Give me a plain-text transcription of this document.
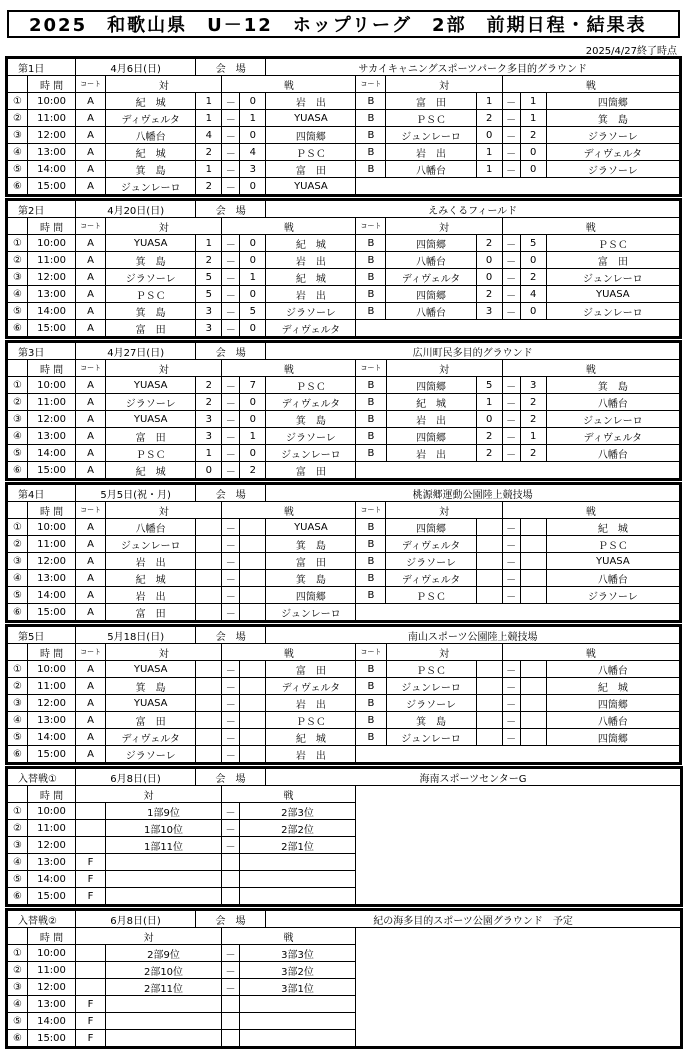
2025　和歌山県　U－12　ホップリーグ　2部　前期日程・結果表
2025/4/27終了時点
第1日		4月6日(日)		会　場			サカイキャニングスポーツパーク多目的グラウンド						
	時 間	コート	対		戦			コート	対		戦		
①	10:00	A	紀　城	1	－	0	岩　出	B	富　田	1	－	1	四箇郷
②	11:00	A	ディヴェルタ	1	－	1	YUASA	B	ＰＳＣ	2	－	1	箕　島
③	12:00	A	八幡台	4	－	0	四箇郷	B	ジュンレーロ	0	－	2	ジラソーレ
④	13:00	A	紀　城	2	－	4	ＰＳＣ	B	岩　出	1	－	0	ディヴェルタ
⑤	14:00	A	箕　島	1	－	3	富　田	B	八幡台	1	－	0	ジラソーレ
⑥	15:00	A	ジュンレーロ	2	－	0	YUASA						
第2日		4月20日(日)		会　場			えみくるフィールド						
	時 間	コート	対		戦			コート	対		戦		
①	10:00	A	YUASA	1	－	0	紀　城	B	四箇郷	2	－	5	ＰＳＣ
②	11:00	A	箕　島	2	－	0	岩　出	B	八幡台	0	－	0	富　田
③	12:00	A	ジラソーレ	5	－	1	紀　城	B	ディヴェルタ	0	－	2	ジュンレーロ
④	13:00	A	ＰＳＣ	5	－	0	岩　出	B	四箇郷	2	－	4	YUASA
⑤	14:00	A	箕　島	3	－	5	ジラソーレ	B	八幡台	3	－	0	ジュンレーロ
⑥	15:00	A	富　田	3	－	0	ディヴェルタ						
第3日		4月27日(日)		会　場			広川町民多目的グラウンド						
	時 間	コート	対		戦			コート	対		戦		
①	10:00	A	YUASA	2	－	7	ＰＳＣ	B	四箇郷	5	－	3	箕　島
②	11:00	A	ジラソーレ	2	－	0	ディヴェルタ	B	紀　城	1	－	2	八幡台
③	12:00	A	YUASA	3	－	0	箕　島	B	岩　出	0	－	2	ジュンレーロ
④	13:00	A	富　田	3	－	1	ジラソーレ	B	四箇郷	2	－	1	ディヴェルタ
⑤	14:00	A	ＰＳＣ	1	－	0	ジュンレーロ	B	岩　出	2	－	2	八幡台
⑥	15:00	A	紀　城	0	－	2	富　田						
第4日		5月5日(祝・月)		会　場			桃源郷運動公園陸上競技場						
	時 間	コート	対		戦			コート	対		戦		
①	10:00	A	八幡台		－		YUASA	B	四箇郷		－		紀　城
②	11:00	A	ジュンレーロ		－		箕　島	B	ディヴェルタ		－		ＰＳＣ
③	12:00	A	岩　出		－		富　田	B	ジラソーレ		－		YUASA
④	13:00	A	紀　城		－		箕　島	B	ディヴェルタ		－		八幡台
⑤	14:00	A	岩　出		－		四箇郷	B	ＰＳＣ		－		ジラソーレ
⑥	15:00	A	富　田		－		ジュンレーロ						
第5日		5月18日(日)		会　場			南山スポーツ公園陸上競技場						
	時 間	コート	対		戦			コート	対		戦		
①	10:00	A	YUASA		－		富　田	B	ＰＳＣ		－		八幡台
②	11:00	A	箕　島		－		ディヴェルタ	B	ジュンレーロ		－		紀　城
③	12:00	A	YUASA		－		岩　出	B	ジラソーレ		－		四箇郷
④	13:00	A	富　田		－		ＰＳＣ	B	箕　島		－		八幡台
⑤	14:00	A	ディヴェルタ		－		紀　城	B	ジュンレーロ		－		四箇郷
⑥	15:00	A	ジラソーレ		－		岩　出						
入替戦①		6月8日(日)		会　場			海南スポーツセンターG	
	時 間	対			戦			
①	10:00		1部9位		－	2部3位		
②	11:00		1部10位		－	2部2位		
③	12:00		1部11位		－	2部1位		
④	13:00	F						
⑤	14:00	F						
⑥	15:00	F						
入替戦②		6月8日(日)		会　場			紀の海多目的スポーツ公園グラウンド　予定	
	時 間	対			戦			
①	10:00		2部9位		－	3部3位		
②	11:00		2部10位		－	3部2位		
③	12:00		2部11位		－	3部1位		
④	13:00	F						
⑤	14:00	F						
⑥	15:00	F						
